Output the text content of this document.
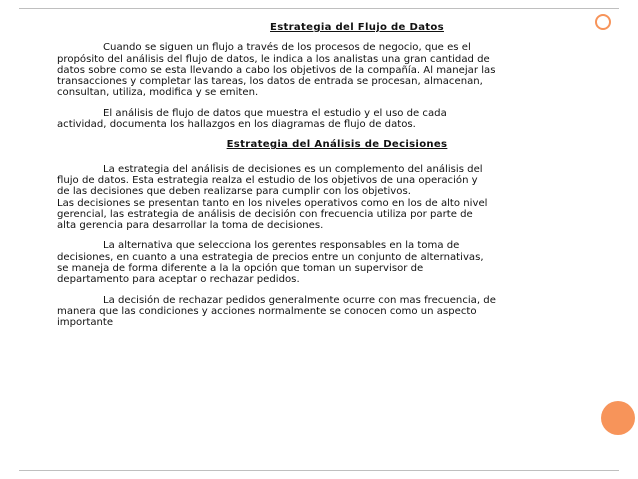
Estrategia del Flujo de Datos

Cuando se siguen un flujo a través de los procesos de negocio, que es el
propósito del análisis del flujo de datos, le indica a los analistas una gran cantidad de
datos sobre como se esta llevando a cabo los objetivos de la compañía. Al manejar las
transacciones y completar las tareas, los datos de entrada se procesan, almacenan,
consultan, utiliza, modifica y se emiten.

El análisis de flujo de datos que muestra el estudio y el uso de cada
actividad, documenta los hallazgos en los diagramas de flujo de datos.

Estrategia del Análisis de Decisiones

La estrategia del análisis de decisiones es un complemento del análisis del
flujo de datos. Esta estrategia realza el estudio de los objetivos de una operación y
de las decisiones que deben realizarse para cumplir con los objetivos.
Las decisiones se presentan tanto en los niveles operativos como en los de alto nivel
gerencial, las estrategia de análisis de decisión con frecuencia utiliza por parte de
alta gerencia para desarrollar la toma de decisiones.

La alternativa que selecciona los gerentes responsables en la toma de
decisiones, en cuanto a una estrategia de precios entre un conjunto de alternativas,
se maneja de forma diferente a la la opción que toman un supervisor de
departamento para aceptar o rechazar pedidos.

La decisión de rechazar pedidos generalmente ocurre con mas frecuencia, de
manera que las condiciones y acciones normalmente se conocen como un aspecto
importante
